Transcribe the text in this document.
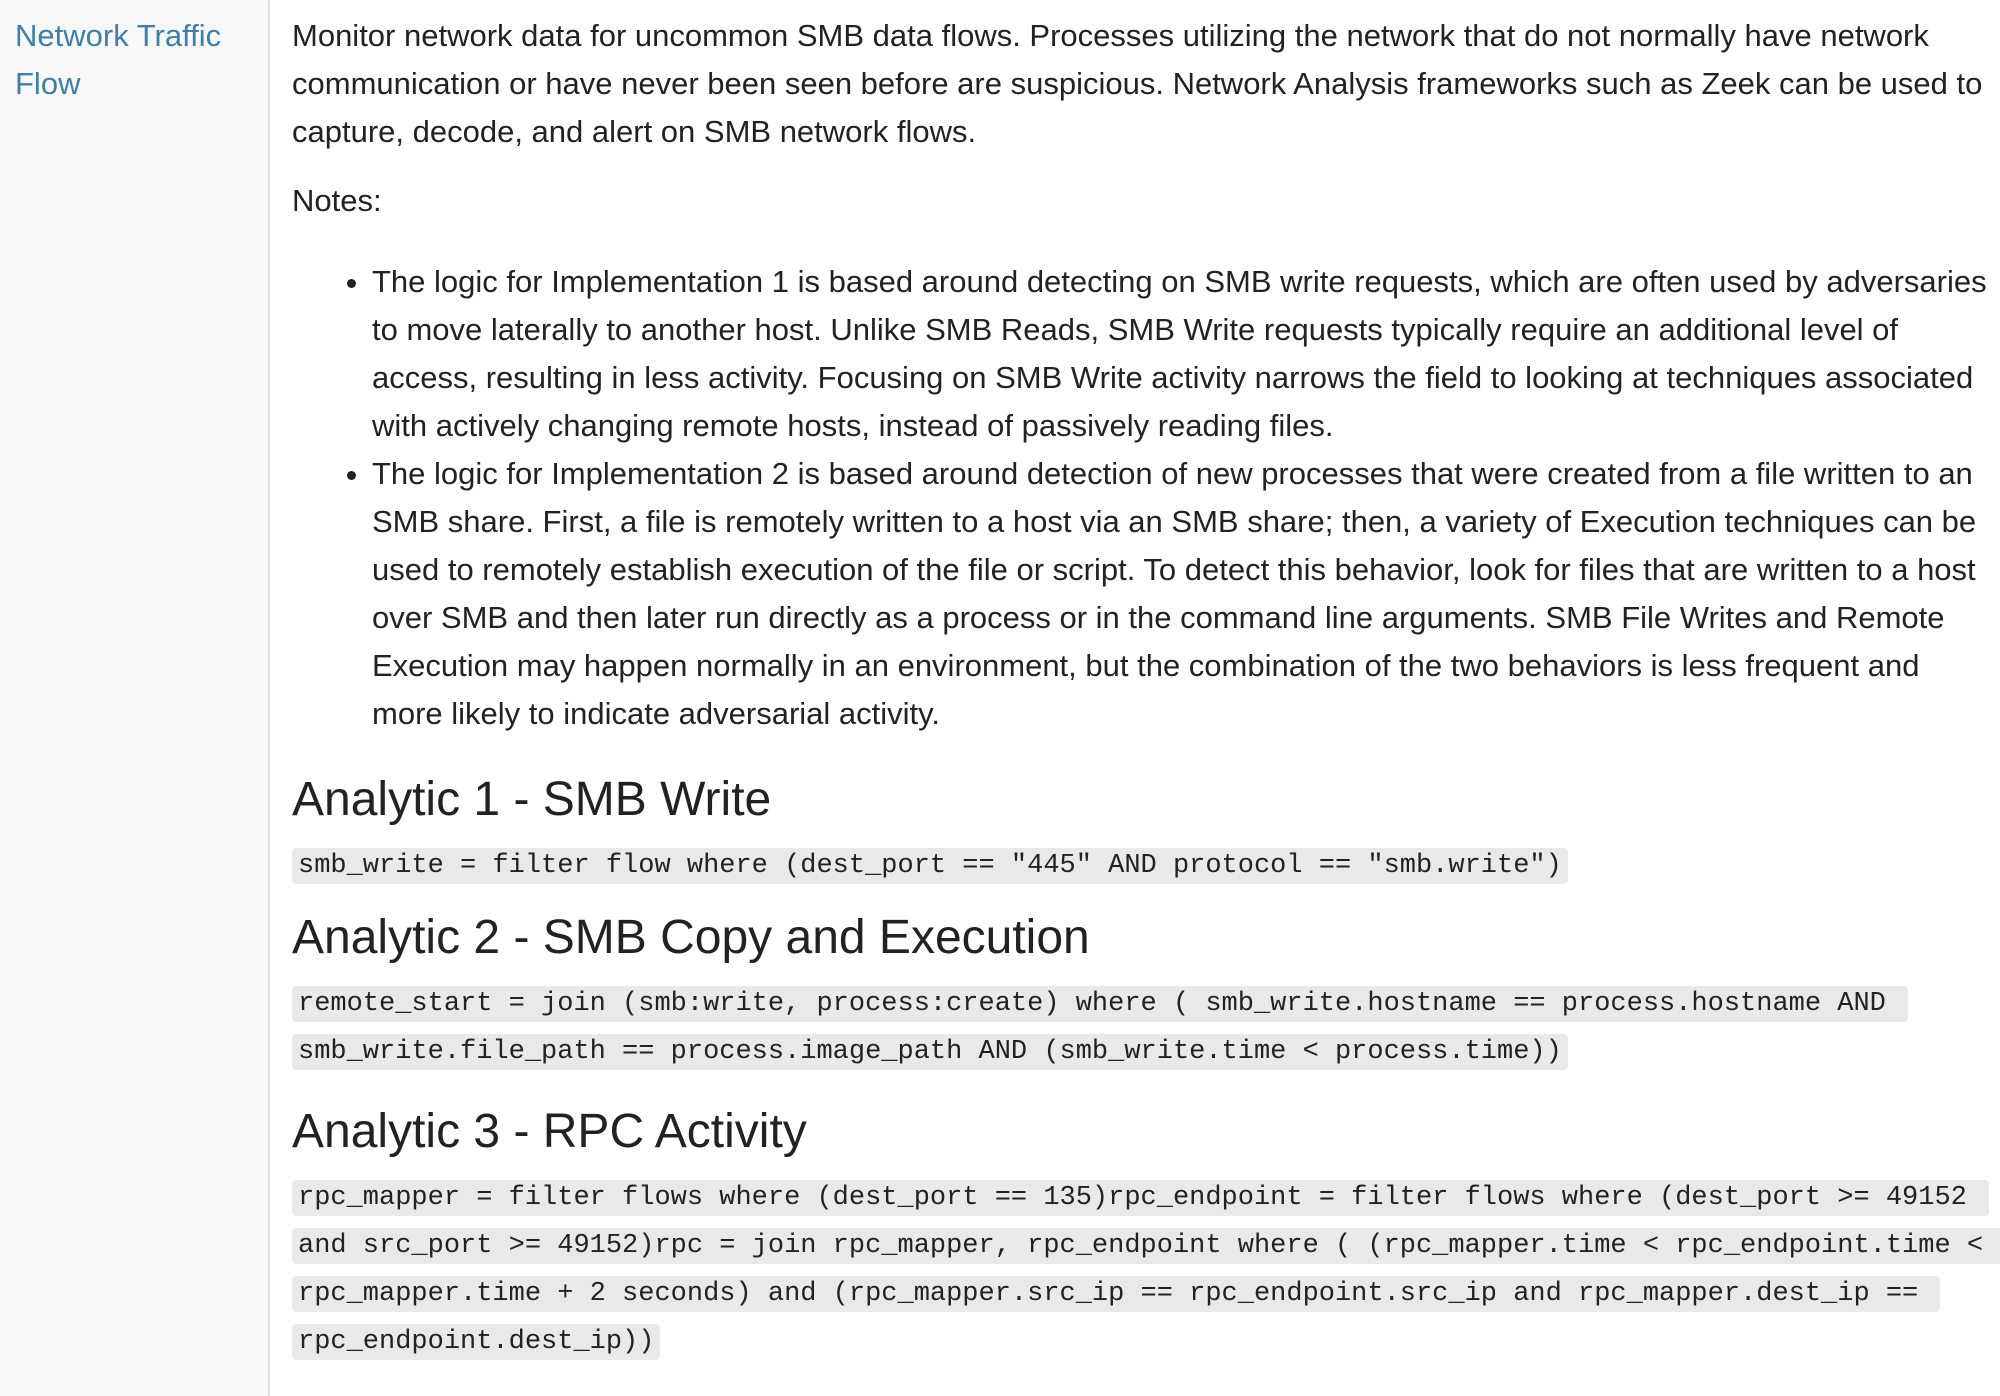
Network Traffic Flow

Monitor network data for uncommon SMB data flows. Processes utilizing the network that do not normally have network communication or have never been seen before are suspicious. Network Analysis frameworks such as Zeek can be used to capture, decode, and alert on SMB network flows.

Notes:

• The logic for Implementation 1 is based around detecting on SMB write requests, which are often used by adversaries to move laterally to another host. Unlike SMB Reads, SMB Write requests typically require an additional level of access, resulting in less activity. Focusing on SMB Write activity narrows the field to looking at techniques associated with actively changing remote hosts, instead of passively reading files.
• The logic for Implementation 2 is based around detection of new processes that were created from a file written to an SMB share. First, a file is remotely written to a host via an SMB share; then, a variety of Execution techniques can be used to remotely establish execution of the file or script. To detect this behavior, look for files that are written to a host over SMB and then later run directly as a process or in the command line arguments. SMB File Writes and Remote Execution may happen normally in an environment, but the combination of the two behaviors is less frequent and more likely to indicate adversarial activity.
Analytic 1 - SMB Write
smb_write = filter flow where (dest_port == "445" AND protocol == "smb.write")
Analytic 2 - SMB Copy and Execution
remote_start = join (smb:write, process:create) where ( smb_write.hostname == process.hostname AND smb_write.file_path == process.image_path AND (smb_write.time < process.time))
Analytic 3 - RPC Activity
rpc_mapper = filter flows where (dest_port == 135)rpc_endpoint = filter flows where (dest_port >= 49152 and src_port >= 49152)rpc = join rpc_mapper, rpc_endpoint where ( (rpc_mapper.time < rpc_endpoint.time < rpc_mapper.time + 2 seconds) and (rpc_mapper.src_ip == rpc_endpoint.src_ip and rpc_mapper.dest_ip == rpc_endpoint.dest_ip))
